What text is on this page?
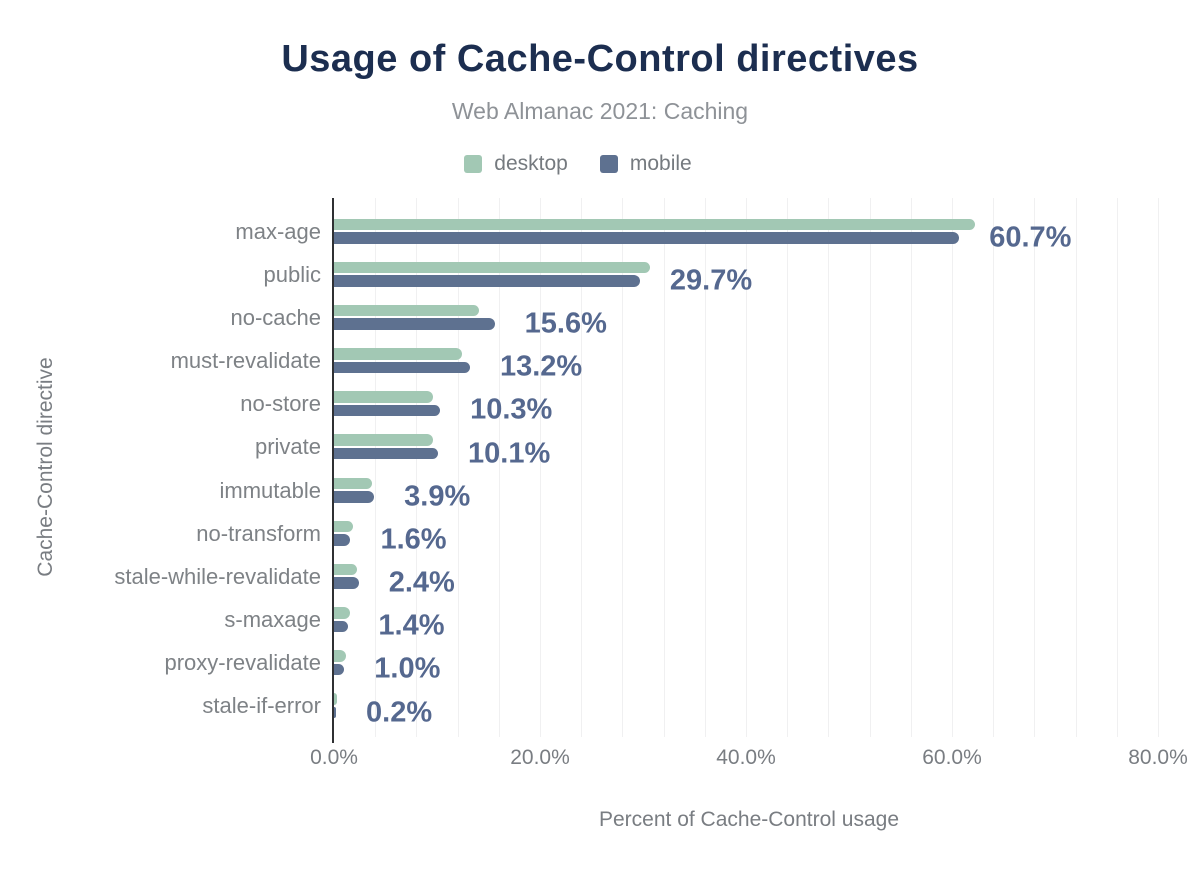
Usage of Cache-Control directives
Web Almanac 2021: Caching
desktop	mobile
max-age	60.7%
public	29.7%
no-cache	15.6%
must-revalidate	13.2%
no-store	10.3%
private	10.1%
immutable	3.9%
no-transform 1.6%
stale-while-revalidate 2.4%
s-maxage 1.4%
proxy-revalidate 1.0%
stale-if-error 0.2%
0.0%	20.0%	40.0%	60.0%	80.0%
Percent of Cache-Control usage
Cache-Control directive
